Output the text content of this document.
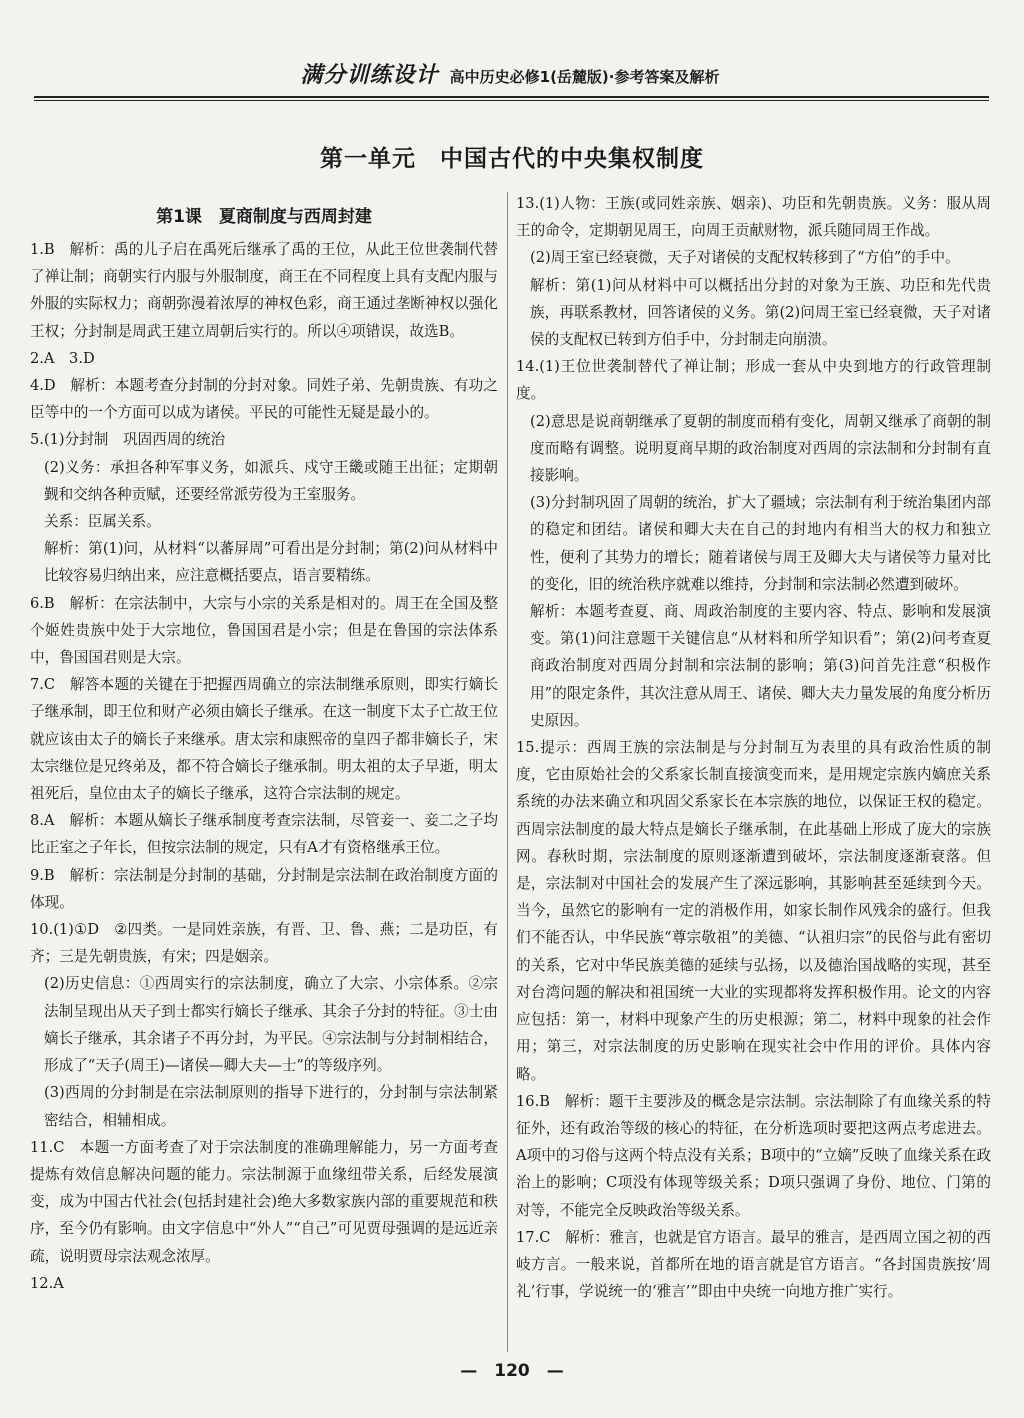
满分训练设计 高中历史必修1(岳麓版)·参考答案及解析
第一单元　中国古代的中央集权制度
第1课　夏商制度与西周封建

1.B　解析：禹的儿子启在禹死后继承了禹的王位，从此王位世袭制代替了禅让制；商朝实行内服与外服制度，商王在不同程度上具有支配内服与外服的实际权力；商朝弥漫着浓厚的神权色彩，商王通过垄断神权以强化王权；分封制是周武王建立周朝后实行的。所以④项错误，故选B。

2.A　3.D

4.D　解析：本题考查分封制的分封对象。同姓子弟、先朝贵族、有功之臣等中的一个方面可以成为诸侯。平民的可能性无疑是最小的。

5.(1)分封制　巩固西周的统治

(2)义务：承担各种军事义务，如派兵、戍守王畿或随王出征；定期朝觐和交纳各种贡赋，还要经常派劳役为王室服务。

关系：臣属关系。

解析：第(1)问，从材料“以蕃屏周”可看出是分封制；第(2)问从材料中比较容易归纳出来，应注意概括要点，语言要精练。

6.B　解析：在宗法制中，大宗与小宗的关系是相对的。周王在全国及整个姬姓贵族中处于大宗地位，鲁国国君是小宗；但是在鲁国的宗法体系中，鲁国国君则是大宗。

7.C　解答本题的关键在于把握西周确立的宗法制继承原则，即实行嫡长子继承制，即王位和财产必须由嫡长子继承。在这一制度下太子亡故王位就应该由太子的嫡长子来继承。唐太宗和康熙帝的皇四子都非嫡长子，宋太宗继位是兄终弟及，都不符合嫡长子继承制。明太祖的太子早逝，明太祖死后，皇位由太子的嫡长子继承，这符合宗法制的规定。

8.A　解析：本题从嫡长子继承制度考查宗法制，尽管妾一、妾二之子均比正室之子年长，但按宗法制的规定，只有A才有资格继承王位。

9.B　解析：宗法制是分封制的基础，分封制是宗法制在政治制度方面的体现。

10.(1)①D　②四类。一是同姓亲族，有晋、卫、鲁、燕；二是功臣，有齐；三是先朝贵族，有宋；四是姻亲。

(2)历史信息：①西周实行的宗法制度，确立了大宗、小宗体系。②宗法制呈现出从天子到士都实行嫡长子继承、其余子分封的特征。③士由嫡长子继承，其余诸子不再分封，为平民。④宗法制与分封制相结合，形成了“天子(周王)—诸侯—卿大夫—士”的等级序列。

(3)西周的分封制是在宗法制原则的指导下进行的，分封制与宗法制紧密结合，相辅相成。

11.C　本题一方面考查了对于宗法制度的准确理解能力，另一方面考查提炼有效信息解决问题的能力。宗法制源于血缘纽带关系，后经发展演变，成为中国古代社会(包括封建社会)绝大多数家族内部的重要规范和秩序，至今仍有影响。由文字信息中“外人”“自己”可见贾母强调的是远近亲疏，说明贾母宗法观念浓厚。

12.A

13.(1)人物：王族(或同姓亲族、姻亲)、功臣和先朝贵族。义务：服从周王的命令，定期朝见周王，向周王贡献财物，派兵随同周王作战。

(2)周王室已经衰微，天子对诸侯的支配权转移到了“方伯”的手中。

解析：第(1)问从材料中可以概括出分封的对象为王族、功臣和先代贵族，再联系教材，回答诸侯的义务。第(2)问周王室已经衰微，天子对诸侯的支配权已转到方伯手中，分封制走向崩溃。

14.(1)王位世袭制替代了禅让制；形成一套从中央到地方的行政管理制度。

(2)意思是说商朝继承了夏朝的制度而稍有变化，周朝又继承了商朝的制度而略有调整。说明夏商早期的政治制度对西周的宗法制和分封制有直接影响。

(3)分封制巩固了周朝的统治，扩大了疆域；宗法制有利于统治集团内部的稳定和团结。诸侯和卿大夫在自己的封地内有相当大的权力和独立性，便利了其势力的增长；随着诸侯与周王及卿大夫与诸侯等力量对比的变化，旧的统治秩序就难以维持，分封制和宗法制必然遭到破坏。

解析：本题考查夏、商、周政治制度的主要内容、特点、影响和发展演变。第(1)问注意题干关键信息“从材料和所学知识看”；第(2)问考查夏商政治制度对西周分封制和宗法制的影响；第(3)问首先注意“积极作用”的限定条件，其次注意从周王、诸侯、卿大夫力量发展的角度分析历史原因。

15.提示：西周王族的宗法制是与分封制互为表里的具有政治性质的制度，它由原始社会的父系家长制直接演变而来，是用规定宗族内嫡庶关系系统的办法来确立和巩固父系家长在本宗族的地位，以保证王权的稳定。西周宗法制度的最大特点是嫡长子继承制，在此基础上形成了庞大的宗族网。春秋时期，宗法制度的原则逐渐遭到破坏，宗法制度逐渐衰落。但是，宗法制对中国社会的发展产生了深远影响，其影响甚至延续到今天。当今，虽然它的影响有一定的消极作用，如家长制作风残余的盛行。但我们不能否认，中华民族“尊宗敬祖”的美德、“认祖归宗”的民俗与此有密切的关系，它对中华民族美德的延续与弘扬，以及德治国战略的实现，甚至对台湾问题的解决和祖国统一大业的实现都将发挥积极作用。论文的内容应包括：第一，材料中现象产生的历史根源；第二，材料中现象的社会作用；第三，对宗法制度的历史影响在现实社会中作用的评价。具体内容略。

16.B　解析：题干主要涉及的概念是宗法制。宗法制除了有血缘关系的特征外，还有政治等级的核心的特征，在分析选项时要把这两点考虑进去。A项中的习俗与这两个特点没有关系；B项中的“立嫡”反映了血缘关系在政治上的影响；C项没有体现等级关系；D项只强调了身份、地位、门第的对等，不能完全反映政治等级关系。

17.C　解析：雅言，也就是官方语言。最早的雅言，是西周立国之初的西岐方言。一般来说，首都所在地的语言就是官方语言。“各封国贵族按‘周礼’行事，学说统一的‘雅言’”即由中央统一向地方推广实行。

—　120　—
